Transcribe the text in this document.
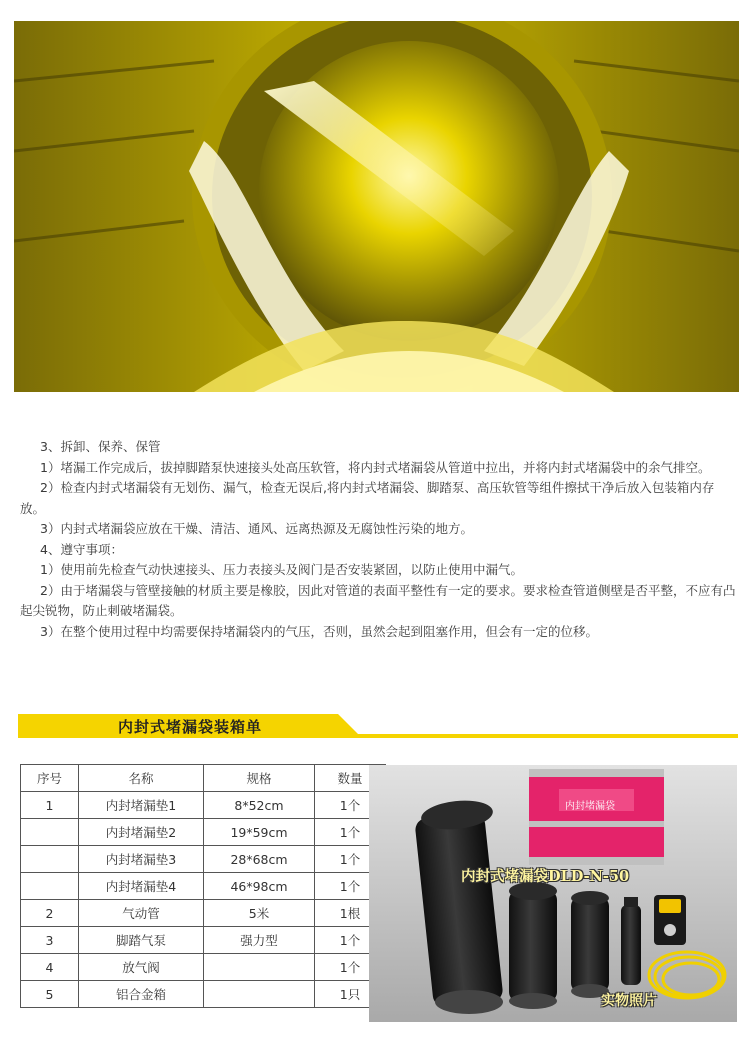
3、拆卸、保养、保管

1）堵漏工作完成后，拔掉脚踏泵快速接头处高压软管，将内封式堵漏袋从管道中拉出，并将内封式堵漏袋中的余气排空。

2）检查内封式堵漏袋有无划伤、漏气，检查无误后,将内封式堵漏袋、脚踏泵、高压软管等组件擦拭干净后放入包装箱内存放。

3）内封式堵漏袋应放在干燥、清洁、通风、远离热源及无腐蚀性污染的地方。

4、遵守事项：

1）使用前先检查气动快速接头、压力表接头及阀门是否安装紧固，以防止使用中漏气。

2）由于堵漏袋与管壁接触的材质主要是橡胶，因此对管道的表面平整性有一定的要求。要求检查管道侧壁是否平整，不应有凸起尖锐物，防止刺破堵漏袋。

3）在整个使用过程中均需要保持堵漏袋内的气压，否则，虽然会起到阻塞作用，但会有一定的位移。

内封式堵漏袋装箱单
序号	名称	规格	数量
1	内封堵漏垫1	8*52cm	1个
	内封堵漏垫2	19*59cm	1个
	内封堵漏垫3	28*68cm	1个
	内封堵漏垫4	46*98cm	1个
2	气动管	5米	1根
3	脚踏气泵	强力型	1个
4	放气阀		1个
5	铝合金箱		1只
内封堵漏袋
内封式堵漏袋DLD-N-50
实物照片
